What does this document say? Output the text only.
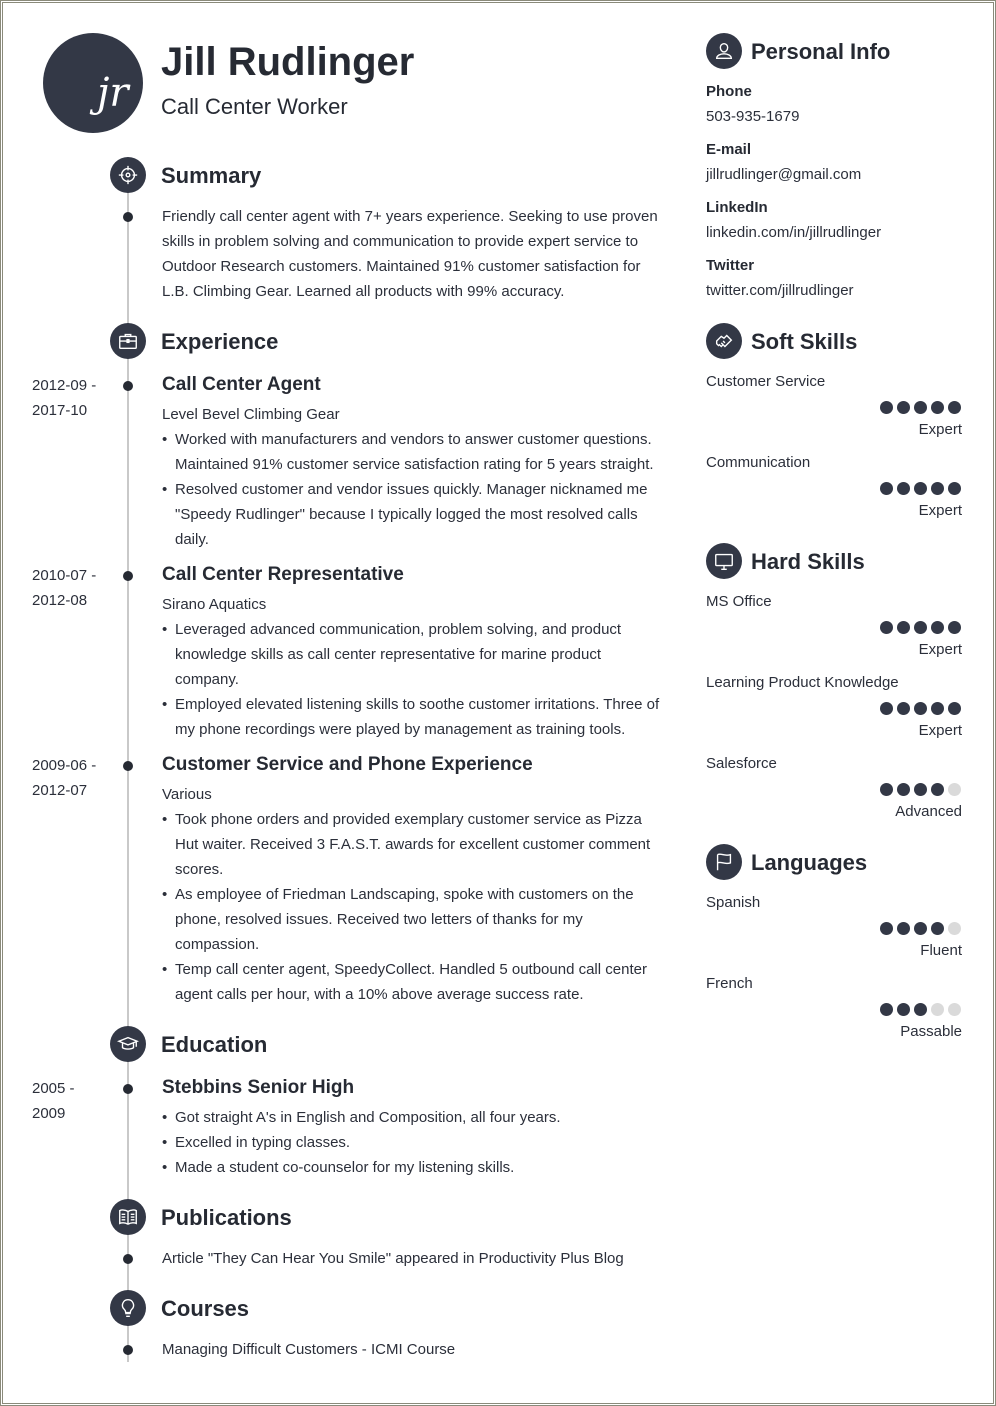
jr
Jill Rudlinger
Call Center Worker
Summary
Friendly call center agent with 7+ years experience. Seeking to use proven skills in problem solving and communication to provide expert service to Outdoor Research customers. Maintained 91% customer satisfaction for L.B. Climbing Gear. Learned all products with 99% accuracy.
Experience
2012-09 -
2017-10
Call Center Agent
Level Bevel Climbing Gear
• Worked with manufacturers and vendors to answer customer questions. Maintained 91% customer service satisfaction rating for 5 years straight.
• Resolved customer and vendor issues quickly. Manager nicknamed me "Speedy Rudlinger" because I typically logged the most resolved calls daily.
2010-07 -
2012-08
Call Center Representative
Sirano Aquatics
• Leveraged advanced communication, problem solving, and product knowledge skills as call center representative for marine product company.
• Employed elevated listening skills to soothe customer irritations. Three of my phone recordings were played by management as training tools.
2009-06 -
2012-07
Customer Service and Phone Experience
Various
• Took phone orders and provided exemplary customer service as Pizza Hut waiter. Received 3 F.A.S.T. awards for excellent customer comment scores.
• As employee of Friedman Landscaping, spoke with customers on the phone, resolved issues. Received two letters of thanks for my compassion.
• Temp call center agent, SpeedyCollect. Handled 5 outbound call center agent calls per hour, with a 10% above average success rate.
Education
2005 -
2009
Stebbins Senior High
• Got straight A's in English and Composition, all four years.
• Excelled in typing classes.
• Made a student co-counselor for my listening skills.
Publications
Article "They Can Hear You Smile" appeared in Productivity Plus Blog
Courses
Managing Difficult Customers - ICMI Course
Personal Info
Phone
503-935-1679
E-mail
jillrudlinger@gmail.com
LinkedIn
linkedin.com/in/jillrudlinger
Twitter
twitter.com/jillrudlinger
Soft Skills
Customer Service
Expert
Communication
Expert
Hard Skills
MS Office
Expert
Learning Product Knowledge
Expert
Salesforce
Advanced
Languages
Spanish
Fluent
French
Passable
